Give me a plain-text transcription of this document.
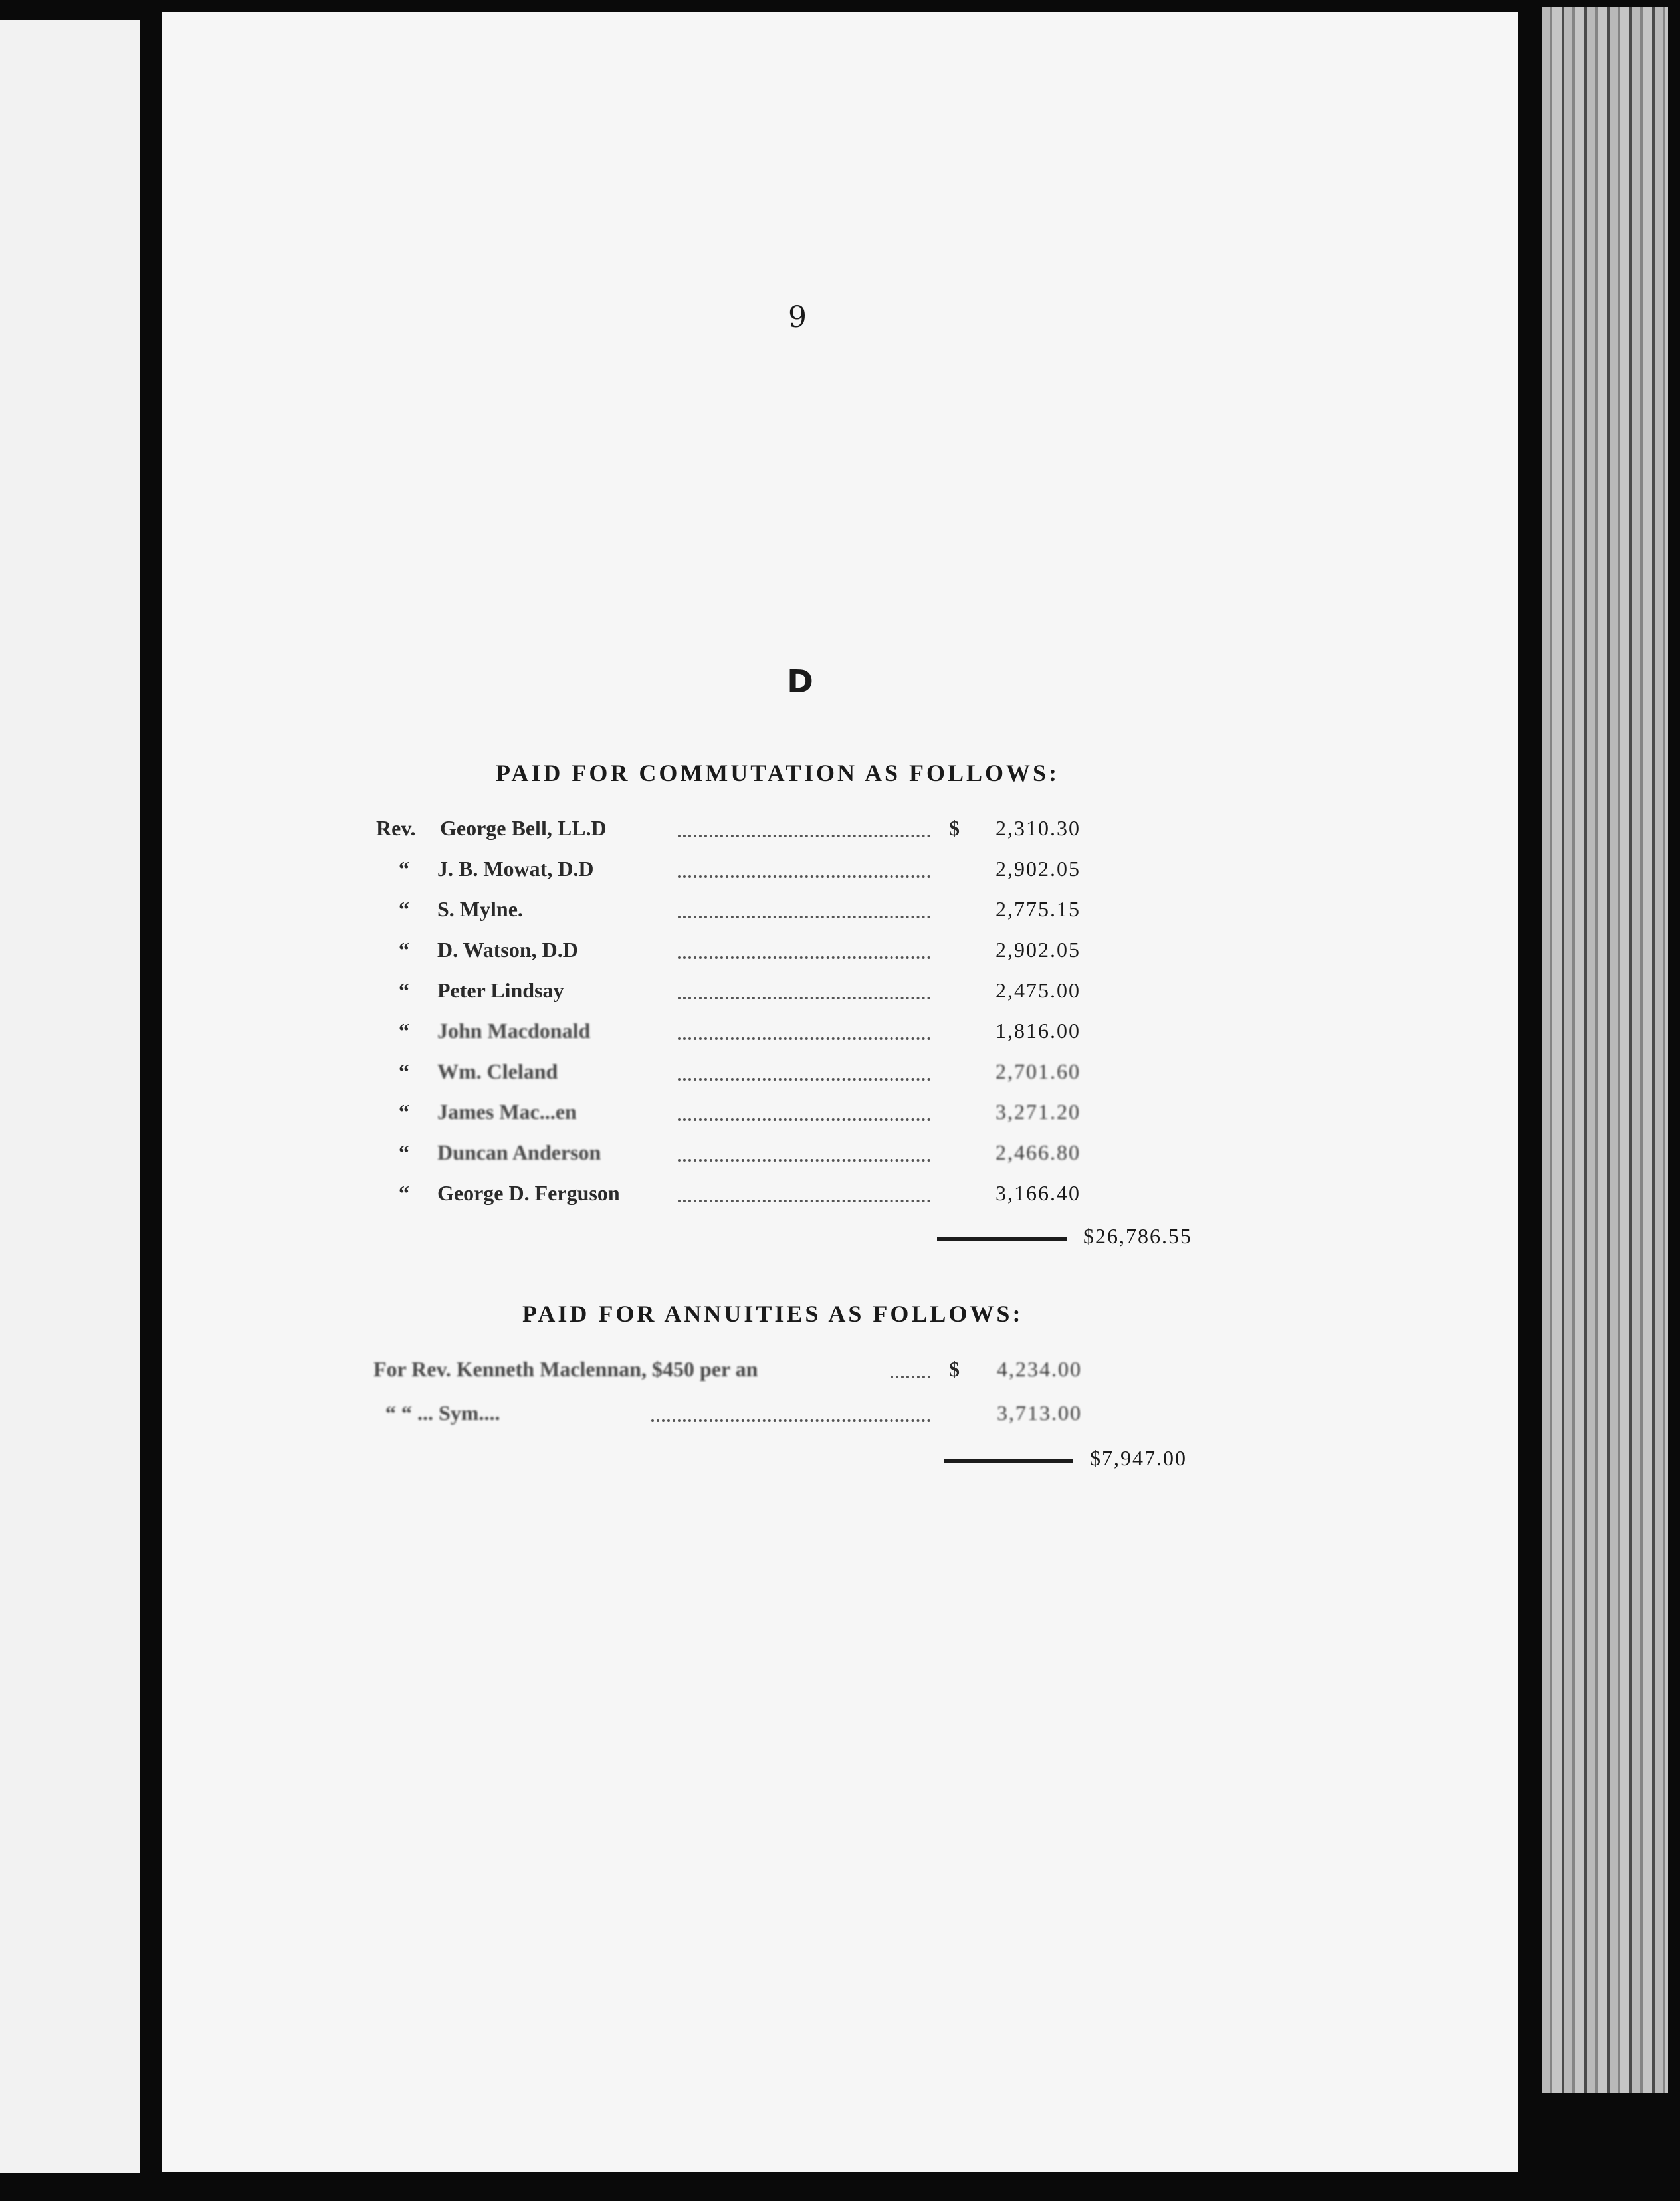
9
D
PAID FOR COMMUTATION AS FOLLOWS:
Rev. George Bell, LL.D	$	2,310.30
“ J. B. Mowat, D.D	2,902.05
“ S. Mylne.	2,775.15
“ D. Watson, D.D	2,902.05
“ Peter Lindsay	2,475.00
“ John Macdonald	1,816.00
“ Wm. Cleland	2,701.60
“ James Mac...en	3,271.20
“ Duncan Anderson	2,466.80
“ George D. Ferguson	3,166.40
$26,786.55
PAID FOR ANNUITIES AS FOLLOWS:
For Rev. Kenneth Maclennan, $450 per an	$	4,234.00
“ “ ... Sym....	3,713.00
$7,947.00
